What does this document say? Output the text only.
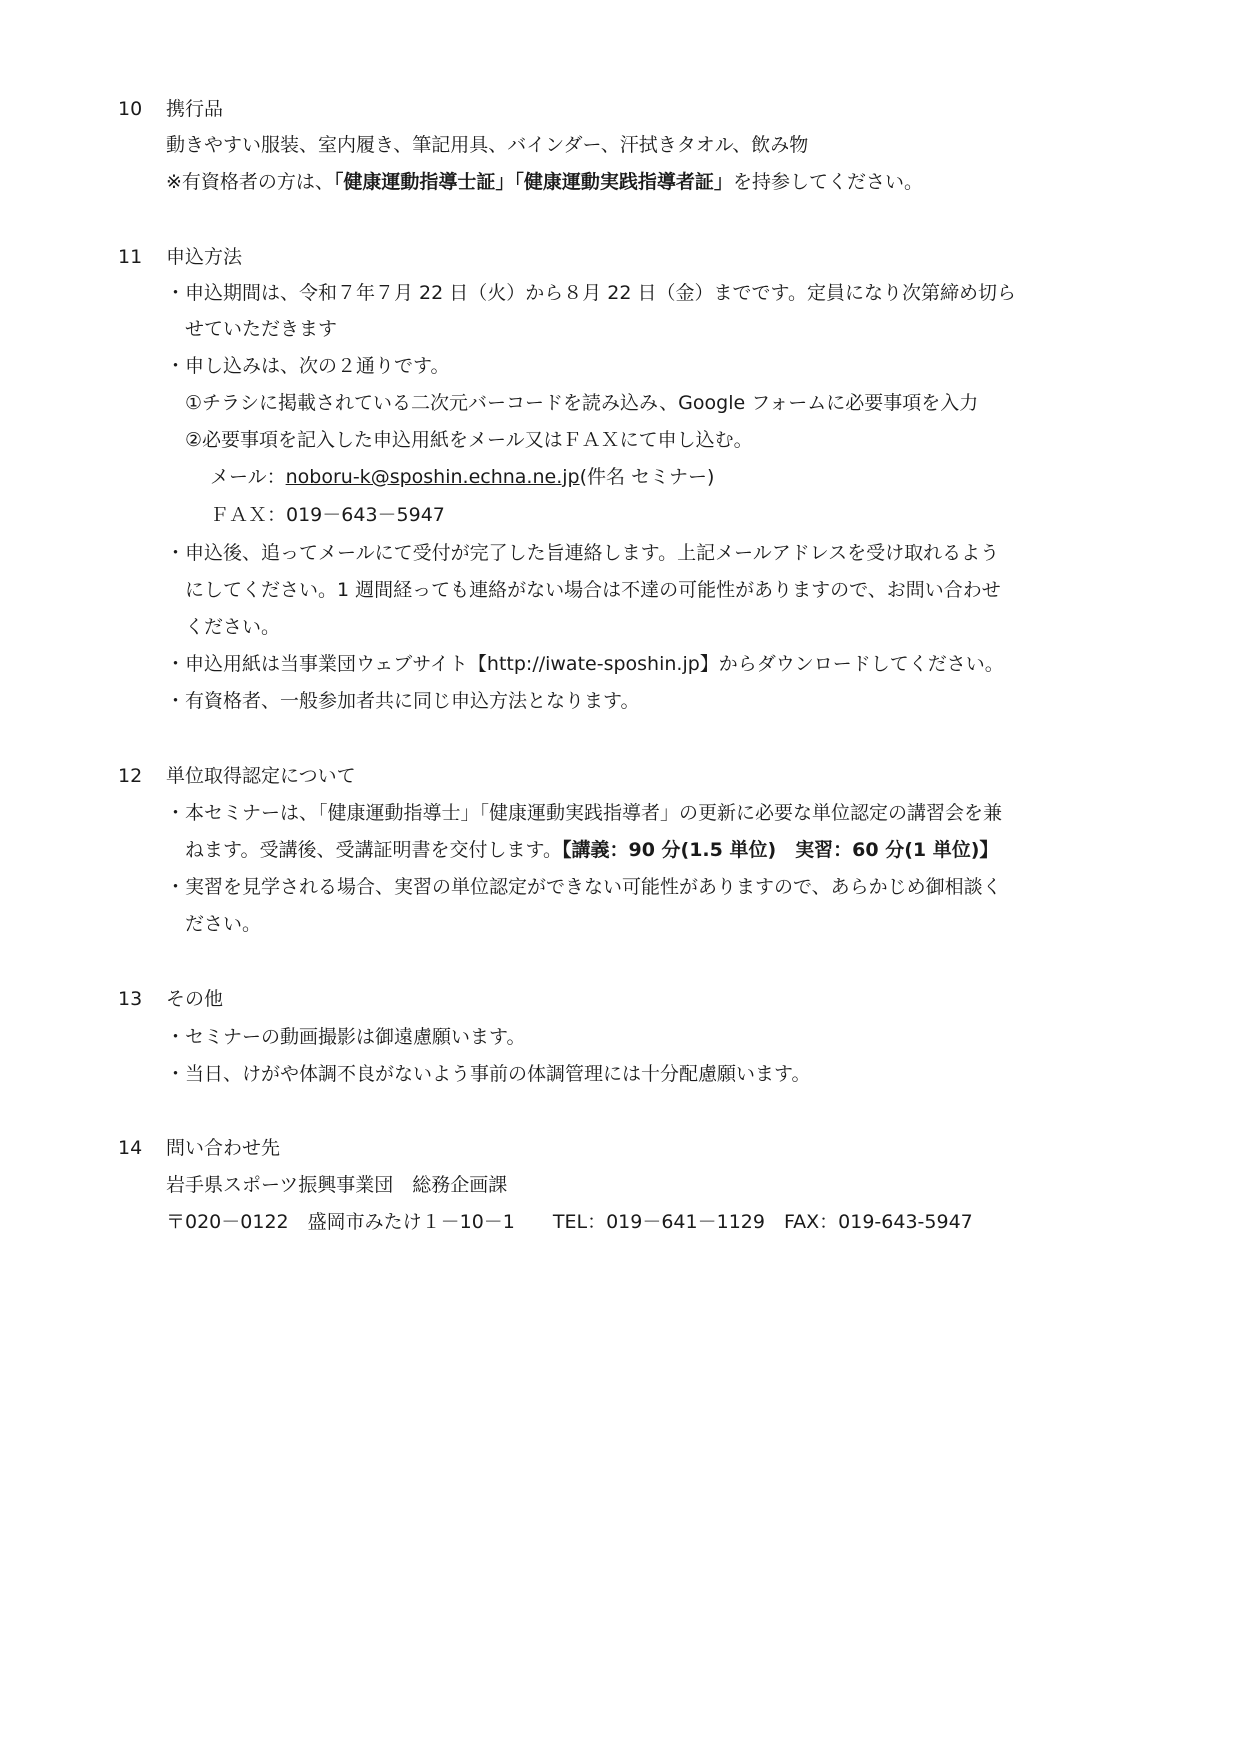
10 携行品
動きやすい服装、室内履き、筆記用具、バインダー、汗拭きタオル、飲み物
※有資格者の方は、「健康運動指導士証」「健康運動実践指導者証」を持参してください。
11 申込方法
・申込期間は、令和７年７月 22 日（火）から８月 22 日（金）までです。定員になり次第締め切ら
せていただきます
・申し込みは、次の２通りです。
①チラシに掲載されている二次元バーコードを読み込み、Google フォームに必要事項を入力
②必要事項を記入した申込用紙をメール又はＦＡＸにて申し込む。
メール：noboru-k@sposhin.echna.ne.jp(件名 セミナー)
ＦＡＸ：019－643－5947
・申込後、追ってメールにて受付が完了した旨連絡します。上記メールアドレスを受け取れるよう
にしてください。1 週間経っても連絡がない場合は不達の可能性がありますので、お問い合わせ
ください。
・申込用紙は当事業団ウェブサイト【http://iwate-sposhin.jp】からダウンロードしてください。
・有資格者、一般参加者共に同じ申込方法となります。
12 単位取得認定について
・本セミナーは、「健康運動指導士」「健康運動実践指導者」の更新に必要な単位認定の講習会を兼
ねます。受講後、受講証明書を交付します。【講義：90 分(1.5 単位)　実習：60 分(1 単位)】
・実習を見学される場合、実習の単位認定ができない可能性がありますので、あらかじめ御相談く
ださい。
13 その他
・セミナーの動画撮影は御遠慮願います。
・当日、けがや体調不良がないよう事前の体調管理には十分配慮願います。
14 問い合わせ先
岩手県スポーツ振興事業団　総務企画課
〒020－0122　盛岡市みたけ１－10－1　　TEL：019－641－1129　FAX：019-643-5947
